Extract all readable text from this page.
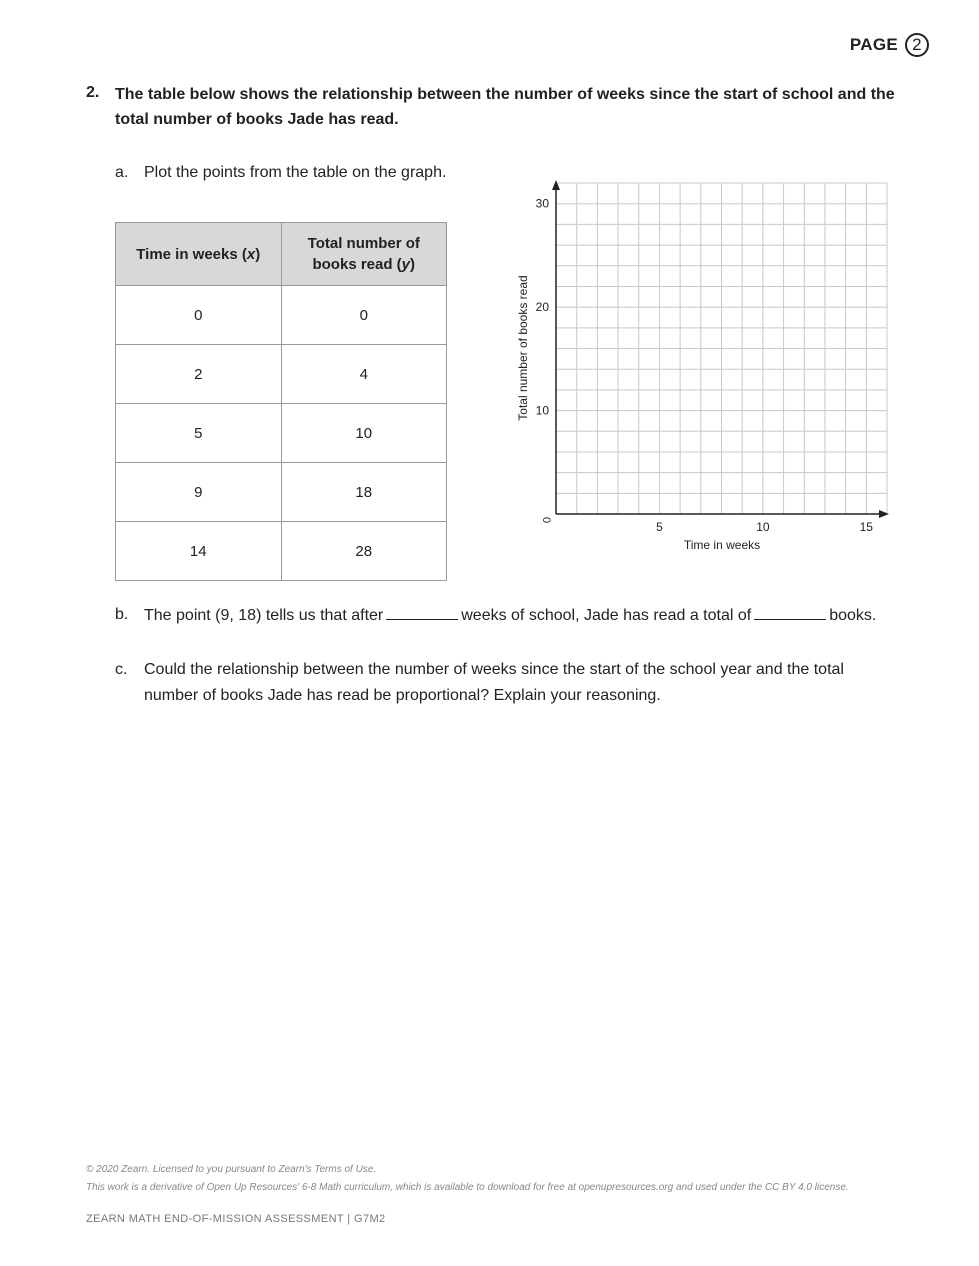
PAGE 2
2. The table below shows the relationship between the number of weeks since the start of school and the total number of books Jade has read.
a. Plot the points from the table on the graph.
Time in weeks (x)	Total number of
books read (y)
0	0
2	4
5	10
9	18
14	28
10
20
30
5	10	15
0
Time in weeks
Total number of books read
b. The point (9, 18) tells us that after	weeks of school, Jade has read a total of	books.
c. Could the relationship between the number of weeks since the start of the school year and the total number of books Jade has read be proportional? Explain your reasoning.
© 2020 Zearn. Licensed to you pursuant to Zearn's Terms of Use.
This work is a derivative of Open Up Resources' 6-8 Math curriculum, which is available to download for free at openupresources.org and used under the CC BY 4.0 license.
ZEARN MATH END-OF-MISSION ASSESSMENT | G7M2
